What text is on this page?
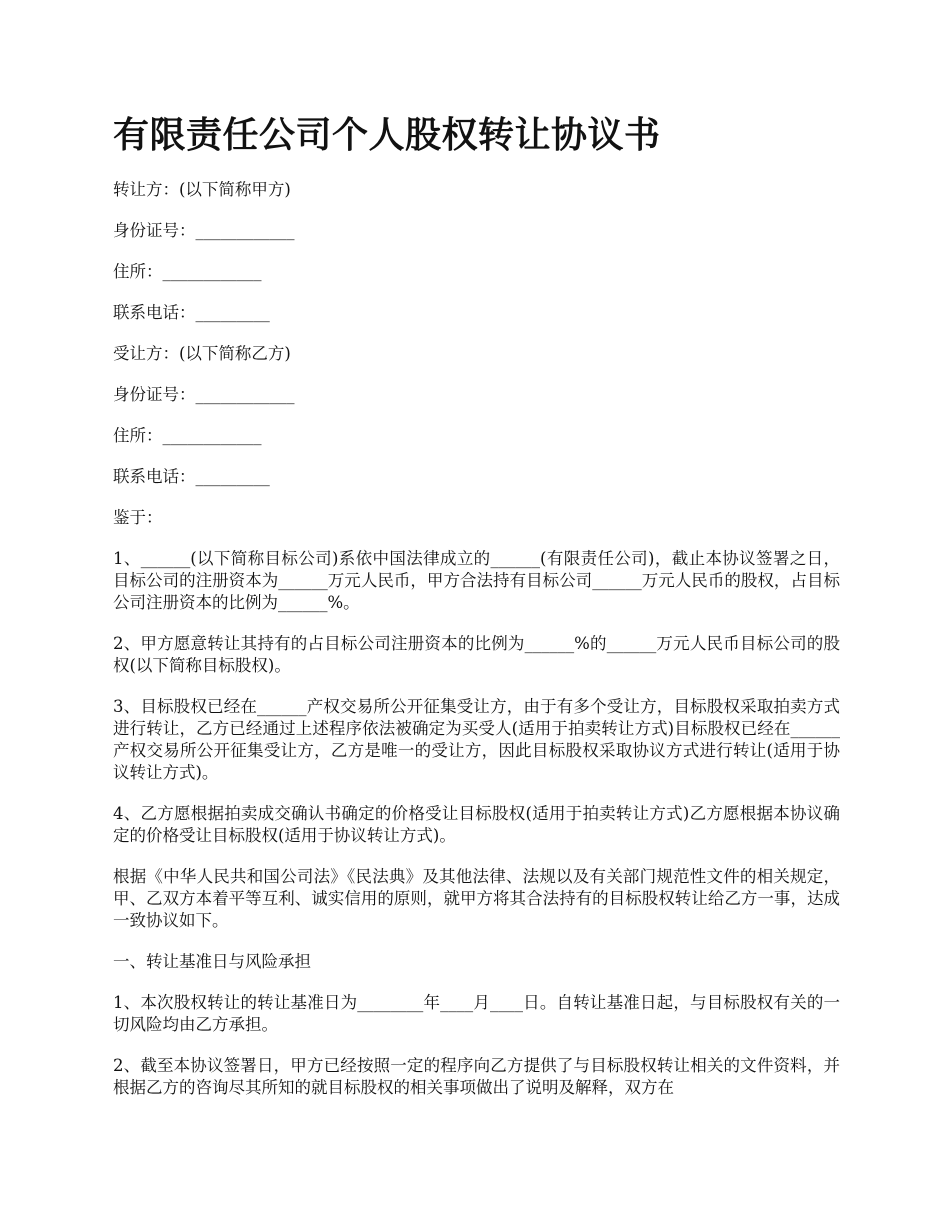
有限责任公司个人股权转让协议书

转让方：(以下简称甲方)

身份证号：____________

住所：____________

联系电话：_________

受让方：(以下简称乙方)

身份证号：____________

住所：____________

联系电话：_________

鉴于：

1、______(以下简称目标公司)系依中国法律成立的______(有限责任公司)，截止本协议签署之日，目标公司的注册资本为______万元人民币，甲方合法持有目标公司______万元人民币的股权，占目标公司注册资本的比例为______%。

2、甲方愿意转让其持有的占目标公司注册资本的比例为______%的______万元人民币目标公司的股权(以下简称目标股权)。

3、目标股权已经在______产权交易所公开征集受让方，由于有多个受让方，目标股权采取拍卖方式进行转让，乙方已经通过上述程序依法被确定为买受人(适用于拍卖转让方式)目标股权已经在______产权交易所公开征集受让方，乙方是唯一的受让方，因此目标股权采取协议方式进行转让(适用于协议转让方式)。

4、乙方愿根据拍卖成交确认书确定的价格受让目标股权(适用于拍卖转让方式)乙方愿根据本协议确定的价格受让目标股权(适用于协议转让方式)。

根据《中华人民共和国公司法》《民法典》及其他法律、法规以及有关部门规范性文件的相关规定，甲、乙双方本着平等互利、诚实信用的原则，就甲方将其合法持有的目标股权转让给乙方一事，达成一致协议如下。

一、转让基准日与风险承担

1、本次股权转让的转让基准日为________年____月____日。自转让基准日起，与目标股权有关的一切风险均由乙方承担。

2、截至本协议签署日，甲方已经按照一定的程序向乙方提供了与目标股权转让相关的文件资料，并根据乙方的咨询尽其所知的就目标股权的相关事项做出了说明及解释，双方在
